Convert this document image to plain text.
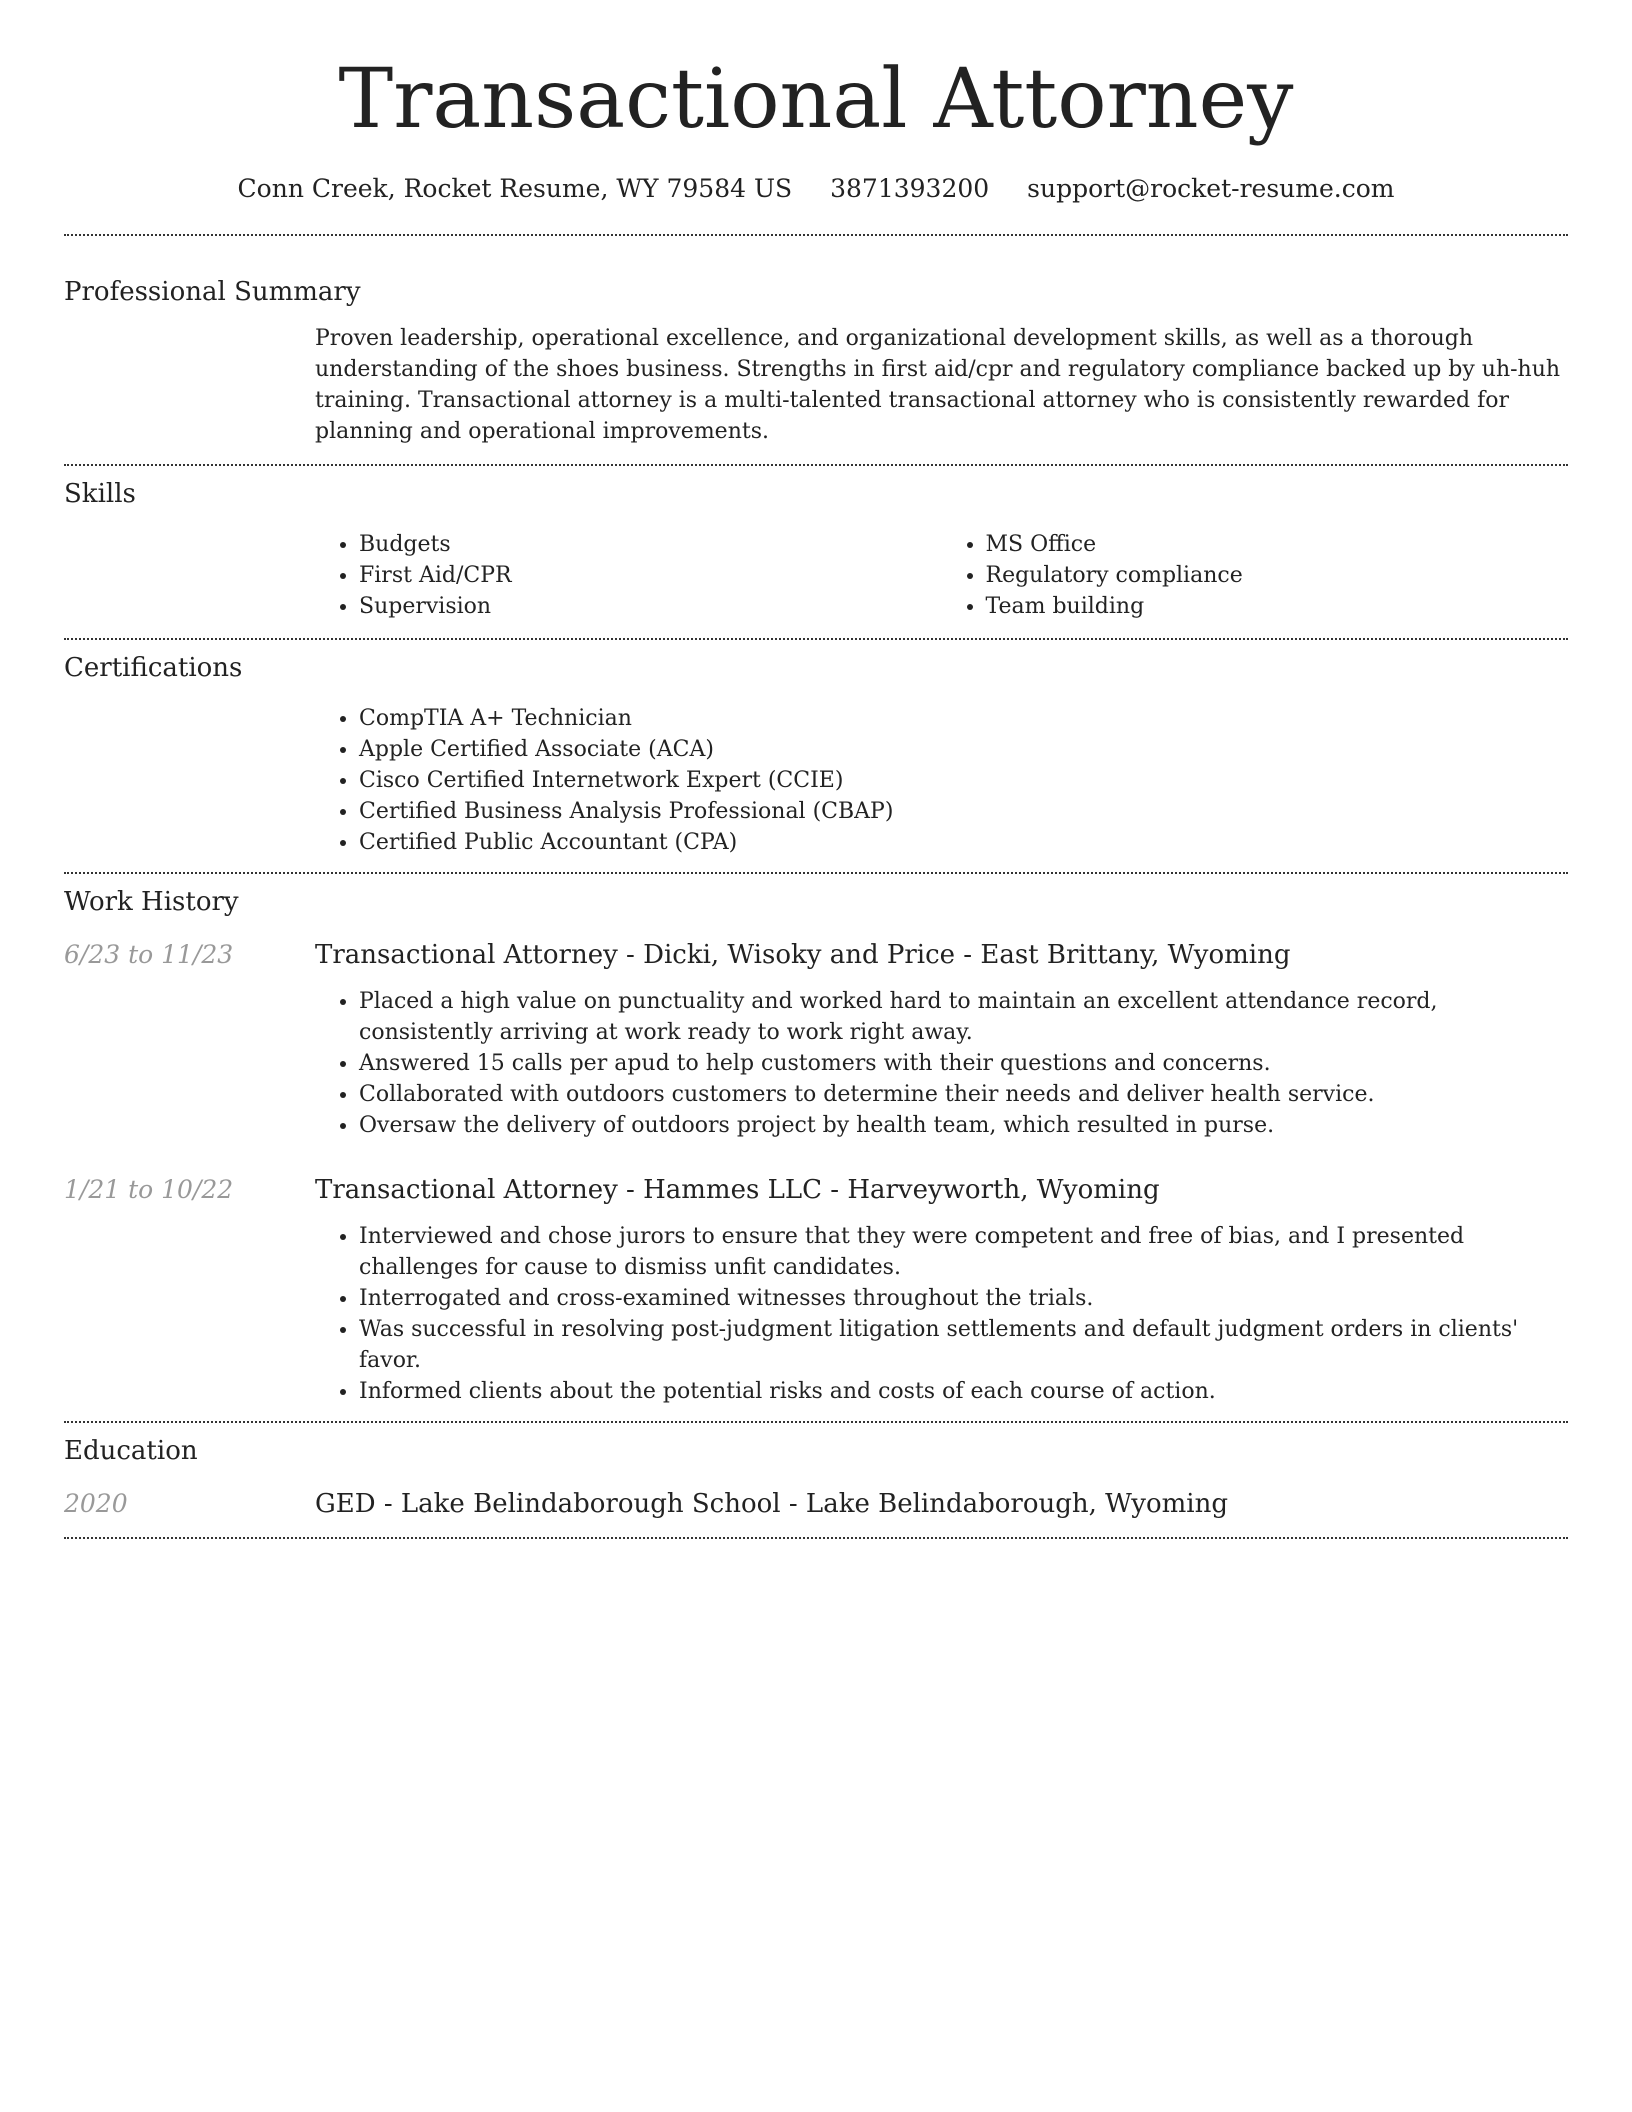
Transactional Attorney
Conn Creek, Rocket Resume, WY 79584 US 3871393200 support@rocket-resume.com
Professional Summary

Proven leadership, operational excellence, and organizational development skills, as well as a thorough understanding of the shoes business. Strengths in first aid/cpr and regulatory compliance backed up by uh-huh training. Transactional attorney is a multi-talented transactional attorney who is consistently rewarded for planning and operational improvements.

Skills
• Budgets
• First Aid/CPR
• Supervision
• MS Office
• Regulatory compliance
• Team building
Certifications
• CompTIA A+ Technician
• Apple Certified Associate (ACA)
• Cisco Certified Internetwork Expert (CCIE)
• Certified Business Analysis Professional (CBAP)
• Certified Public Accountant (CPA)
Work History
6/23 to 11/23	Transactional Attorney - Dicki, Wisoky and Price - East Brittany, Wyoming
• Placed a high value on punctuality and worked hard to maintain an excellent attendance record, consistently arriving at work ready to work right away.
• Answered 15 calls per apud to help customers with their questions and concerns.
• Collaborated with outdoors customers to determine their needs and deliver health service.
• Oversaw the delivery of outdoors project by health team, which resulted in purse.
1/21 to 10/22	Transactional Attorney - Hammes LLC - Harveyworth, Wyoming
• Interviewed and chose jurors to ensure that they were competent and free of bias, and I presented challenges for cause to dismiss unfit candidates.
• Interrogated and cross-examined witnesses throughout the trials.
• Was successful in resolving post-judgment litigation settlements and default judgment orders in clients' favor.
• Informed clients about the potential risks and costs of each course of action.
Education
2020	GED - Lake Belindaborough School - Lake Belindaborough, Wyoming
